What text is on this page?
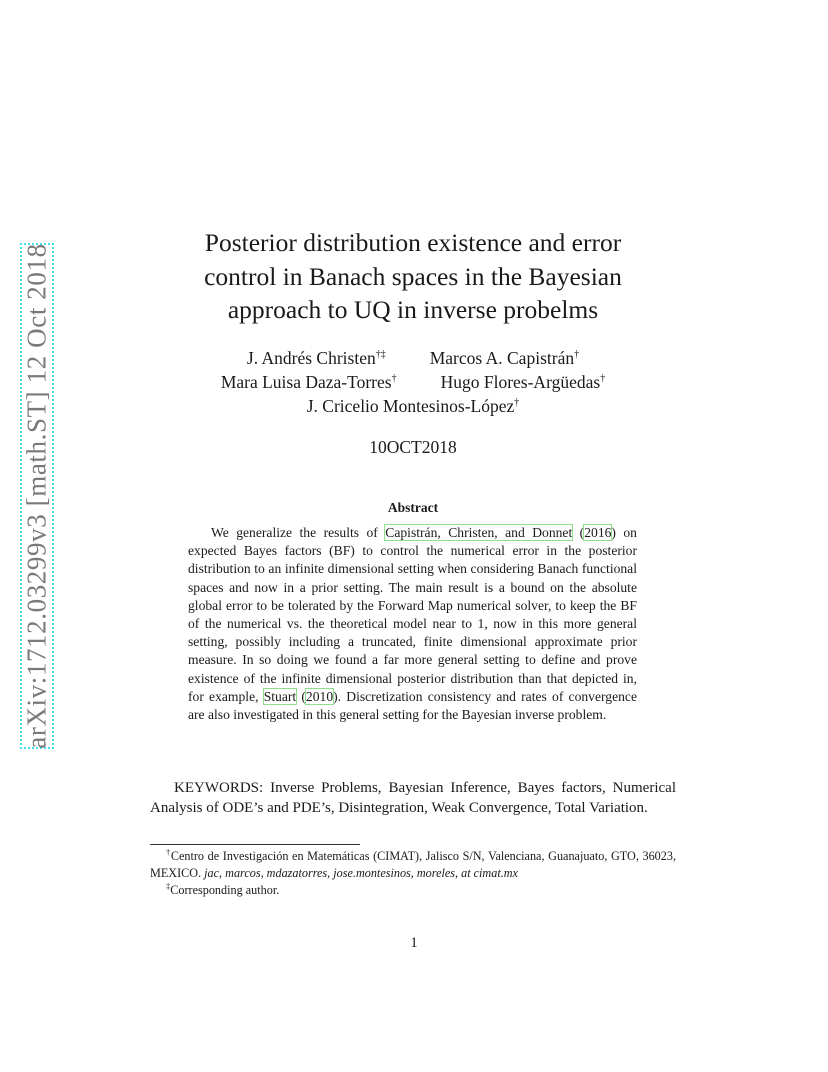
arXiv:1712.03299v3 [math.ST] 12 Oct 2018
Posterior distribution existence and error
control in Banach spaces in the Bayesian
approach to UQ in inverse probelms
J. Andrés Christen†‡	Marcos A. Capistrán†
Mara Luisa Daza-Torres†	Hugo Flores-Argüedas†
J. Cricelio Montesinos-López†
10OCT2018
Abstract
We generalize the results of Capistrán, Christen, and Donnet (2016) on expected Bayes factors (BF) to control the numerical error in the posterior distribution to an infinite dimensional setting when considering Banach functional spaces and now in a prior setting. The main result is a bound on the absolute global error to be tolerated by the Forward Map numerical solver, to keep the BF of the numerical vs. the theoretical model near to 1, now in this more general setting, possibly including a truncated, finite dimensional approximate prior measure. In so doing we found a far more general setting to define and prove existence of the infinite dimensional posterior distribution than that depicted in, for example, Stuart (2010). Discretization consistency and rates of convergence are also investigated in this general setting for the Bayesian inverse problem.
KEYWORDS: Inverse Problems, Bayesian Inference, Bayes factors, Numerical Analysis of ODE’s and PDE’s, Disintegration, Weak Convergence, Total Variation.
†Centro de Investigación en Matemáticas (CIMAT), Jalisco S/N, Valenciana, Guanajuato, GTO, 36023, MEXICO. jac, marcos, mdazatorres, jose.montesinos, moreles, at cimat.mx
‡Corresponding author.
1
